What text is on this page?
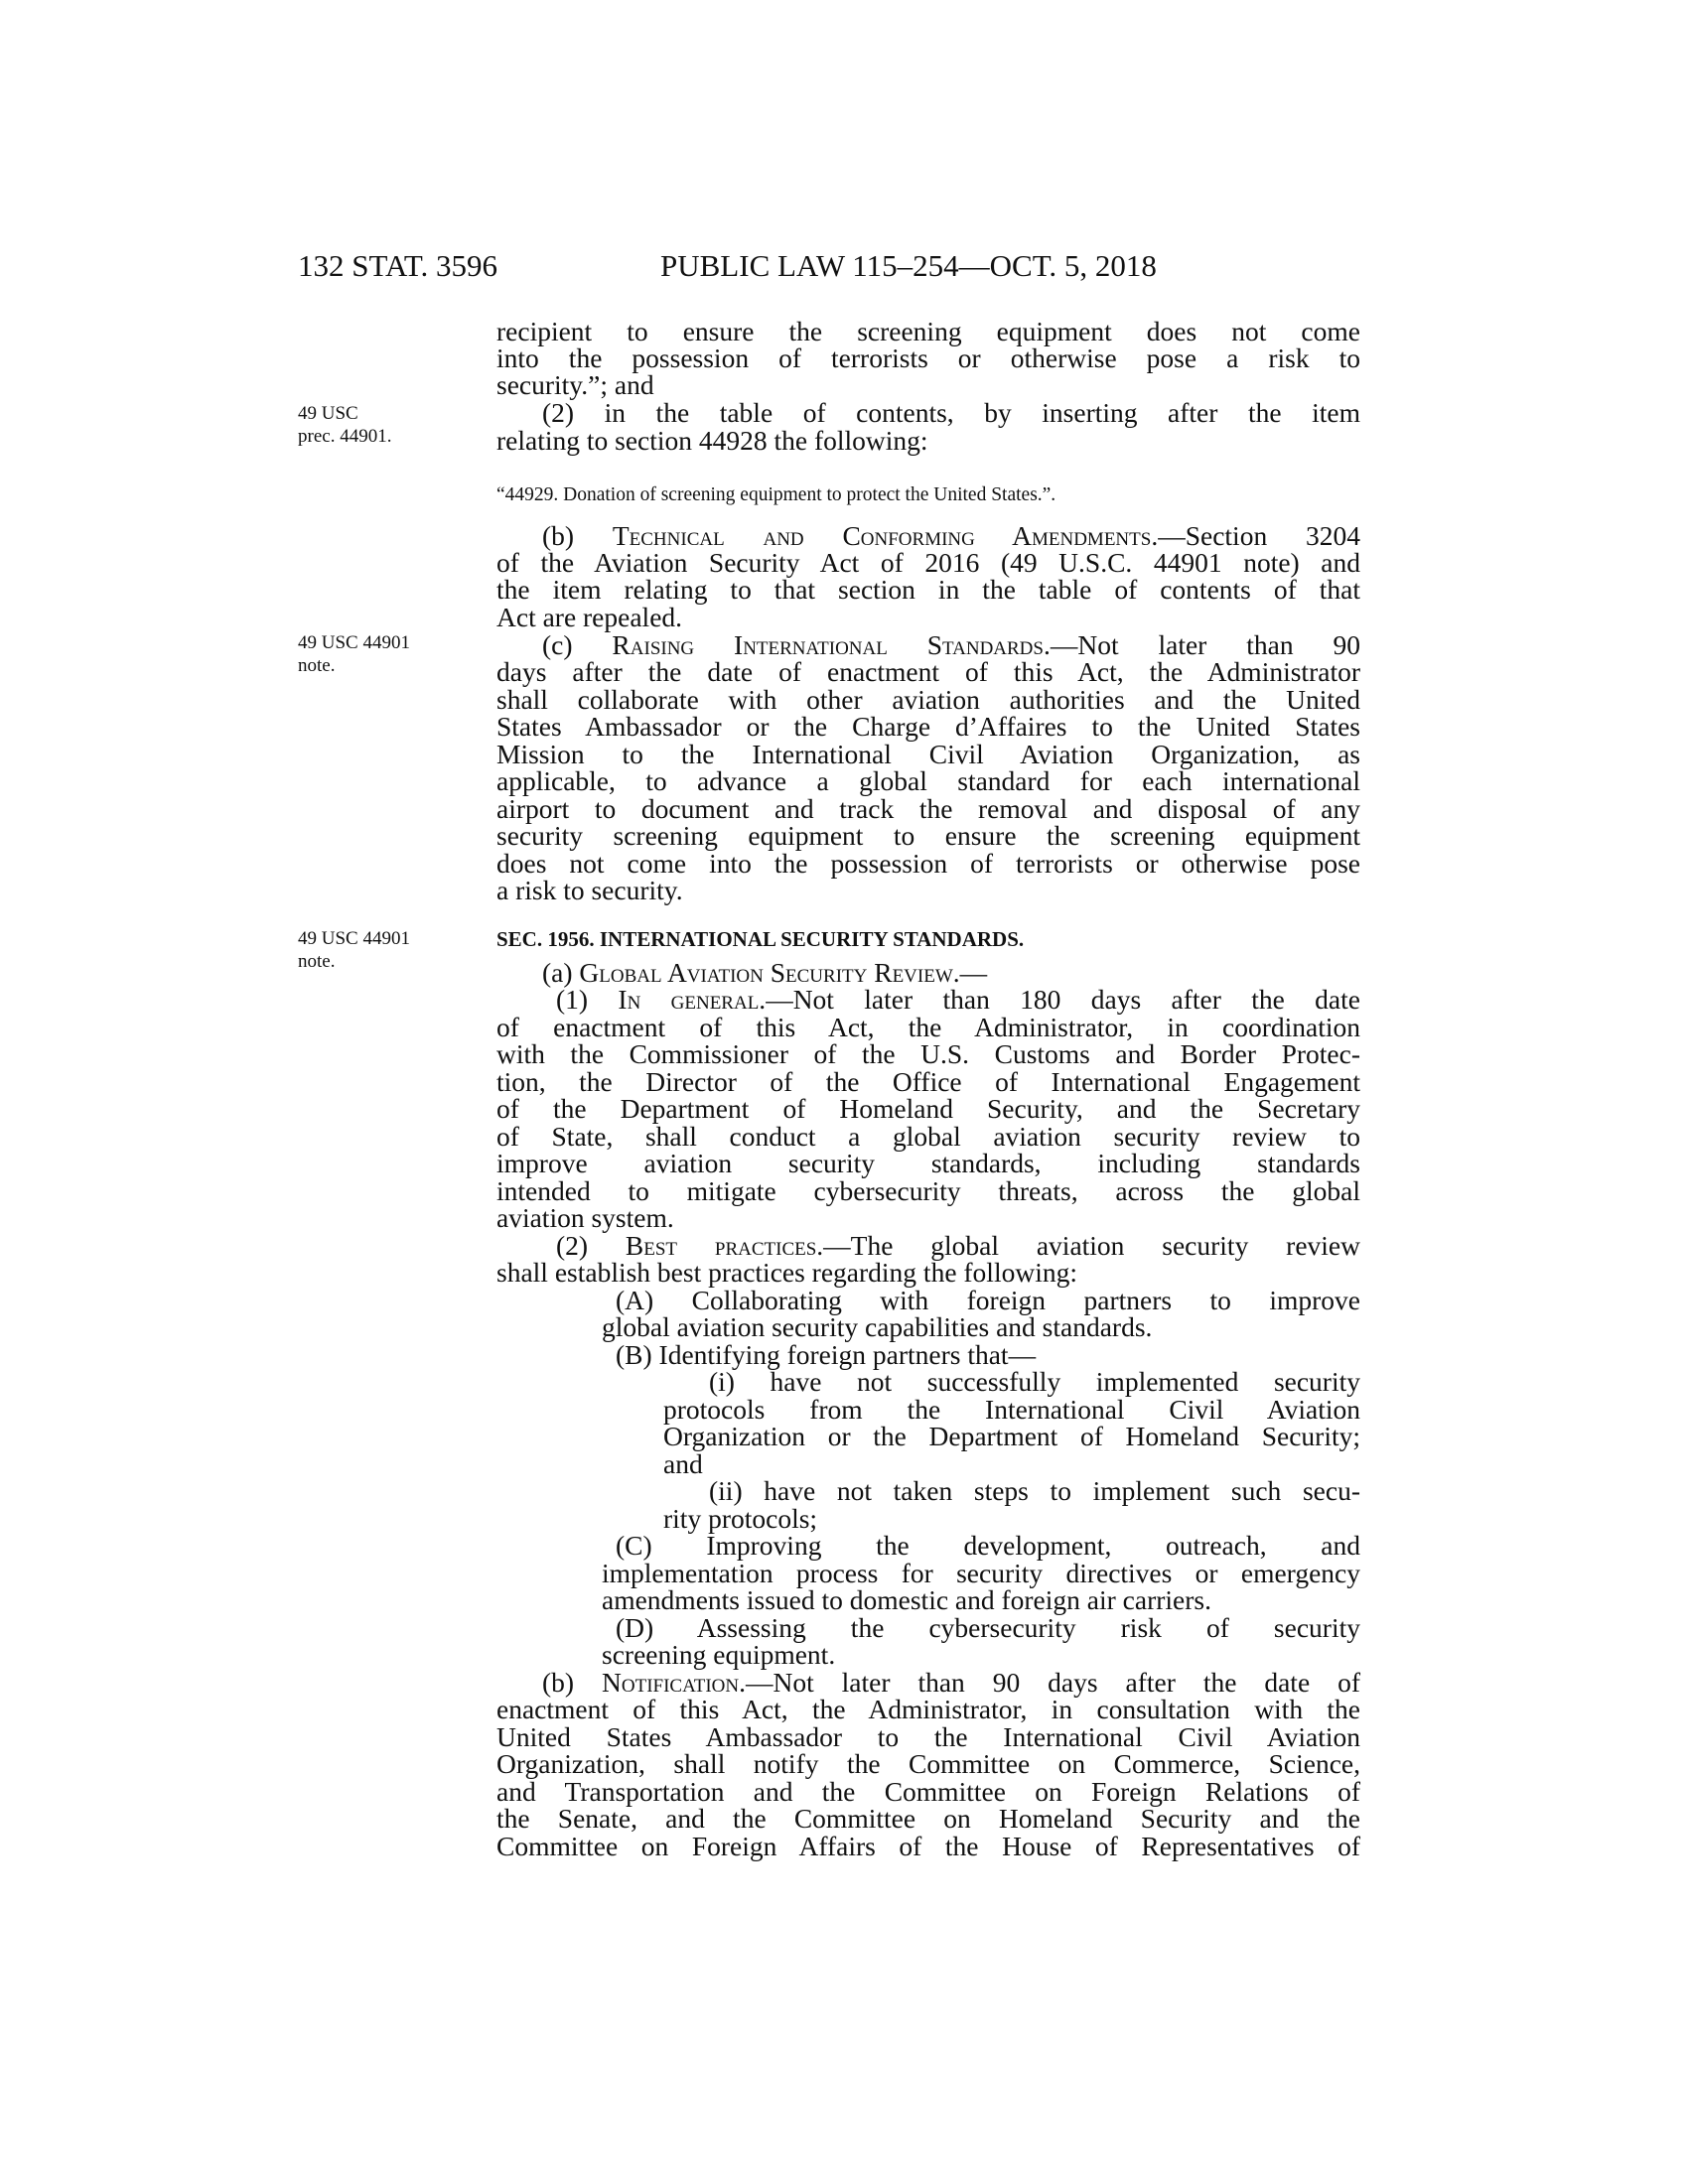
132 STAT. 3596	PUBLIC LAW 115–254—OCT. 5, 2018
49 USC
prec. 44901.
49 USC 44901
note.
49 USC 44901
note.
recipient to ensure the screening equipment does not come
into the possession of terrorists or otherwise pose a risk to
security.”; and
(2) in the table of contents, by inserting after the item
relating to section 44928 the following:
“44929. Donation of screening equipment to protect the United States.”.
(b) Technical and Conforming Amendments.—Section 3204
of the Aviation Security Act of 2016 (49 U.S.C. 44901 note) and
the item relating to that section in the table of contents of that
Act are repealed.
(c) Raising International Standards.—Not later than 90
days after the date of enactment of this Act, the Administrator
shall collaborate with other aviation authorities and the United
States Ambassador or the Charge d’Affaires to the United States
Mission to the International Civil Aviation Organization, as
applicable, to advance a global standard for each international
airport to document and track the removal and disposal of any
security screening equipment to ensure the screening equipment
does not come into the possession of terrorists or otherwise pose
a risk to security.
SEC. 1956. INTERNATIONAL SECURITY STANDARDS.
(a) Global Aviation Security Review.—
(1) In general.—Not later than 180 days after the date
of enactment of this Act, the Administrator, in coordination
with the Commissioner of the U.S. Customs and Border Protec-
tion, the Director of the Office of International Engagement
of the Department of Homeland Security, and the Secretary
of State, shall conduct a global aviation security review to
improve aviation security standards, including standards
intended to mitigate cybersecurity threats, across the global
aviation system.
(2) Best practices.—The global aviation security review
shall establish best practices regarding the following:
(A) Collaborating with foreign partners to improve
global aviation security capabilities and standards.
(B) Identifying foreign partners that—
(i) have not successfully implemented security
protocols from the International Civil Aviation
Organization or the Department of Homeland Security;
and
(ii) have not taken steps to implement such secu-
rity protocols;
(C) Improving the development, outreach, and
implementation process for security directives or emergency
amendments issued to domestic and foreign air carriers.
(D) Assessing the cybersecurity risk of security
screening equipment.
(b) Notification.—Not later than 90 days after the date of
enactment of this Act, the Administrator, in consultation with the
United States Ambassador to the International Civil Aviation
Organization, shall notify the Committee on Commerce, Science,
and Transportation and the Committee on Foreign Relations of
the Senate, and the Committee on Homeland Security and the
Committee on Foreign Affairs of the House of Representatives of
